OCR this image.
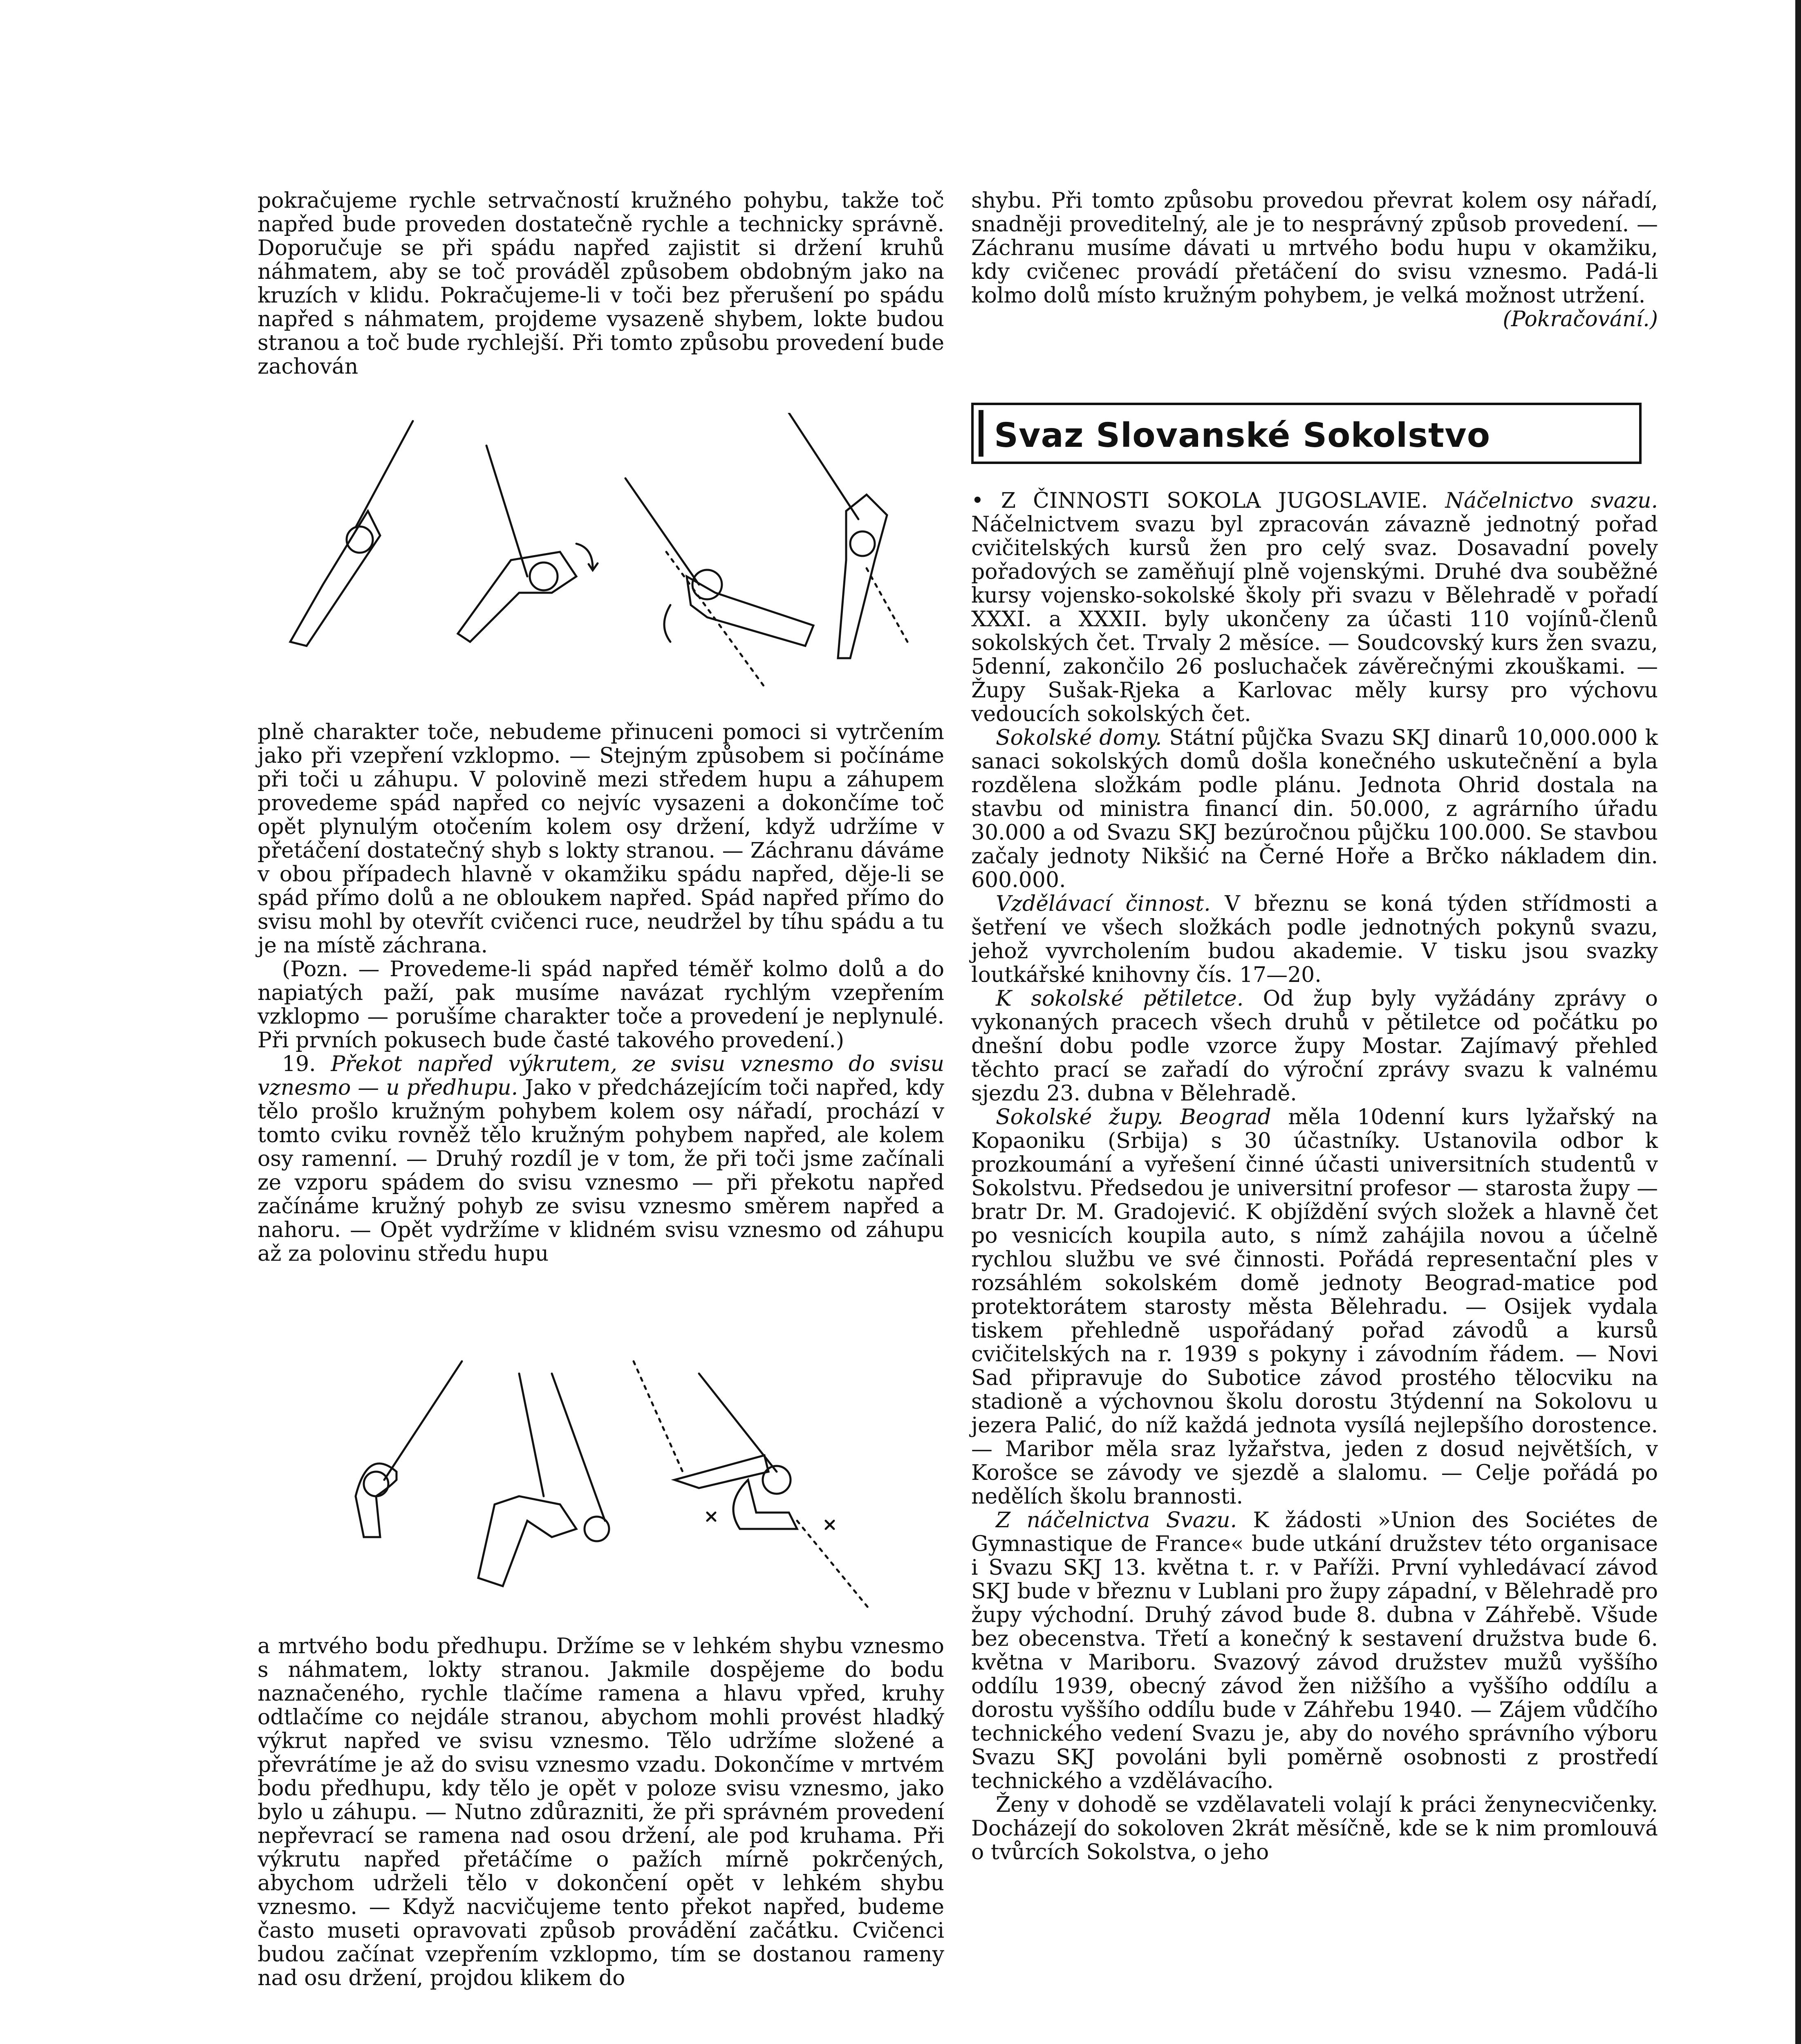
pokračujeme rychle setrvačností kružného pohybu, takže toč napřed bude proveden dostatečně rychle a technicky správně. Doporučuje se při spádu napřed zajistit si držení kruhů náhmatem, aby se toč prováděl způsobem obdobným jako na kruzích v klidu. Pokračujeme-li v toči bez přerušení po spádu napřed s náhmatem, projdeme vysazeně shybem, lokte budou stranou a toč bude rychlejší. Při tomto způsobu provedení bude zachován

plně charakter toče, nebudeme přinuceni pomoci si vytrčením jako při vzepření vzklopmo. — Stejným způsobem si počínáme při toči u záhupu. V polovině mezi středem hupu a záhupem provedeme spád napřed co nejvíc vysazeni a dokončíme toč opět plynulým otočením kolem osy držení, když udržíme v přetáčení dostatečný shyb s lokty stranou. — Záchranu dáváme v obou případech hlavně v okamžiku spádu napřed, děje-li se spád přímo dolů a ne obloukem napřed. Spád napřed přímo do svisu mohl by otevřít cvičenci ruce, neudržel by tíhu spádu a tu je na místě záchrana.

(Pozn. — Provedeme-li spád napřed téměř kolmo dolů a do napiatých paží, pak musíme navázat rychlým vzepřením vzklopmo — porušíme charakter toče a provedení je neplynulé. Při prvních pokusech bude časté takového provedení.)

19. Překot napřed výkrutem, ze svisu vznesmo do svisu vznesmo — u předhupu. Jako v předcházejícím toči napřed, kdy tělo prošlo kružným pohybem kolem osy nářadí, prochází v tomto cviku rovněž tělo kružným pohybem napřed, ale kolem osy ramenní. — Druhý rozdíl je v tom, že při toči jsme začínali ze vzporu spádem do svisu vznesmo — při překotu napřed začínáme kružný pohyb ze svisu vznesmo směrem napřed a nahoru. — Opět vydržíme v klidném svisu vznesmo od záhupu až za polovinu středu hupu

a mrtvého bodu předhupu. Držíme se v lehkém shybu vznesmo s náhmatem, lokty stranou. Jakmile dospějeme do bodu naznačeného, rychle tlačíme ramena a hlavu vpřed, kruhy odtlačíme co nejdále stranou, abychom mohli provést hladký výkrut napřed ve svisu vznesmo. Tělo udržíme složené a převrátíme je až do svisu vznesmo vzadu. Dokončíme v mrtvém bodu předhupu, kdy tělo je opět v poloze svisu vznesmo, jako bylo u záhupu. — Nutno zdůrazniti, že při správném provedení nepřevrací se ramena nad osou držení, ale pod kruhama. Při výkrutu napřed přetáčíme o pažích mírně pokrčených, abychom udrželi tělo v dokončení opět v lehkém shybu vznesmo. — Když nacvičujeme tento překot napřed, budeme často museti opravovati způsob provádění začátku. Cvičenci budou začínat vzepřením vzklopmo, tím se dostanou rameny nad osu držení, projdou klikem do

shybu. Při tomto způsobu provedou převrat kolem osy nářadí, snadněji proveditelný, ale je to nesprávný způsob provedení. — Záchranu musíme dávati u mrtvého bodu hupu v okamžiku, kdy cvičenec provádí přetáčení do svisu vznesmo. Padá-li kolmo dolů místo kružným pohybem, je velká možnost utržení.

(Pokračování.)

Svaz Slovanské Sokolstvo

• Z ČINNOSTI SOKOLA JUGOSLAVIE. Náčelnictvo svazu. Náčelnictvem svazu byl zpracován závazně jednotný pořad cvičitelských kursů žen pro celý svaz. Dosavadní povely pořadových se zaměňují plně vojenskými. Druhé dva souběžné kursy vojensko-sokolské školy při svazu v Bělehradě v pořadí XXXI. a XXXII. byly ukončeny za účasti 110 vojínů-členů sokolských čet. Trvaly 2 měsíce. — Soudcovský kurs žen svazu, 5denní, zakončilo 26 posluchaček závěrečnými zkouškami. — Župy Sušak-Rjeka a Karlovac měly kursy pro výchovu vedoucích sokolských čet.

Sokolské domy. Státní půjčka Svazu SKJ dinarů 10,000.000 k sanaci sokolských domů došla konečného uskutečnění a byla rozdělena složkám podle plánu. Jednota Ohrid dostala na stavbu od ministra financí din. 50.000, z agrárního úřadu 30.000 a od Svazu SKJ bezúročnou půjčku 100.000. Se stavbou začaly jednoty Nikšić na Černé Hoře a Brčko nákladem din. 600.000.

Vzdělávací činnost. V březnu se koná týden střídmosti a šetření ve všech složkách podle jednotných pokynů svazu, jehož vyvrcholením budou akademie. V tisku jsou svazky loutkářské knihovny čís. 17—20.

K sokolské pětiletce. Od žup byly vyžádány zprávy o vykonaných pracech všech druhů v pětiletce od počátku po dnešní dobu podle vzorce župy Mostar. Zajímavý přehled těchto prací se zařadí do výroční zprávy svazu k valnému sjezdu 23. dubna v Bělehradě.

Sokolské župy. Beograd měla 10denní kurs lyžařský na Kopaoniku (Srbija) s 30 účastníky. Ustanovila odbor k prozkoumání a vyřešení činné účasti universitních studentů v Sokolstvu. Předsedou je universitní profesor — starosta župy — bratr Dr. M. Gradojević. K objíždění svých složek a hlavně čet po vesnicích koupila auto, s nímž zahájila novou a účelně rychlou službu ve své činnosti. Pořádá representační ples v rozsáhlém sokolském domě jednoty Beograd-matice pod protektorátem starosty města Bělehradu. — Osijek vydala tiskem přehledně uspořádaný pořad závodů a kursů cvičitelských na r. 1939 s pokyny i závodním řádem. — Novi Sad připravuje do Subotice závod prostého tělocviku na stadioně a výchovnou školu dorostu 3týdenní na Sokolovu u jezera Palić, do níž každá jednota vysílá nejlepšího dorostence. — Maribor měla sraz lyžařstva, jeden z dosud největších, v Korošce se závody ve sjezdě a slalomu. — Celje pořádá po nedělích školu brannosti.

Z náčelnictva Svazu. K žádosti »Union des Sociétes de Gymnastique de France« bude utkání družstev této organisace i Svazu SKJ 13. května t. r. v Paříži. První vyhledávací závod SKJ bude v březnu v Lublani pro župy západní, v Bělehradě pro župy východní. Druhý závod bude 8. dubna v Záhřebě. Všude bez obecenstva. Třetí a konečný k sestavení družstva bude 6. května v Mariboru. Svazový závod družstev mužů vyššího oddílu 1939, obecný závod žen nižšího a vyššího oddílu a dorostu vyššího oddílu bude v Záhřebu 1940. — Zájem vůdčího technického vedení Svazu je, aby do nového správního výboru Svazu SKJ povoláni byli poměrně osobnosti z prostředí technického a vzdělávacího.

Ženy v dohodě se vzdělavateli volají k práci ženynecvičenky. Docházejí do sokoloven 2krát měsíčně, kde se k nim promlouvá o tvůrcích Sokolstva, o jeho
